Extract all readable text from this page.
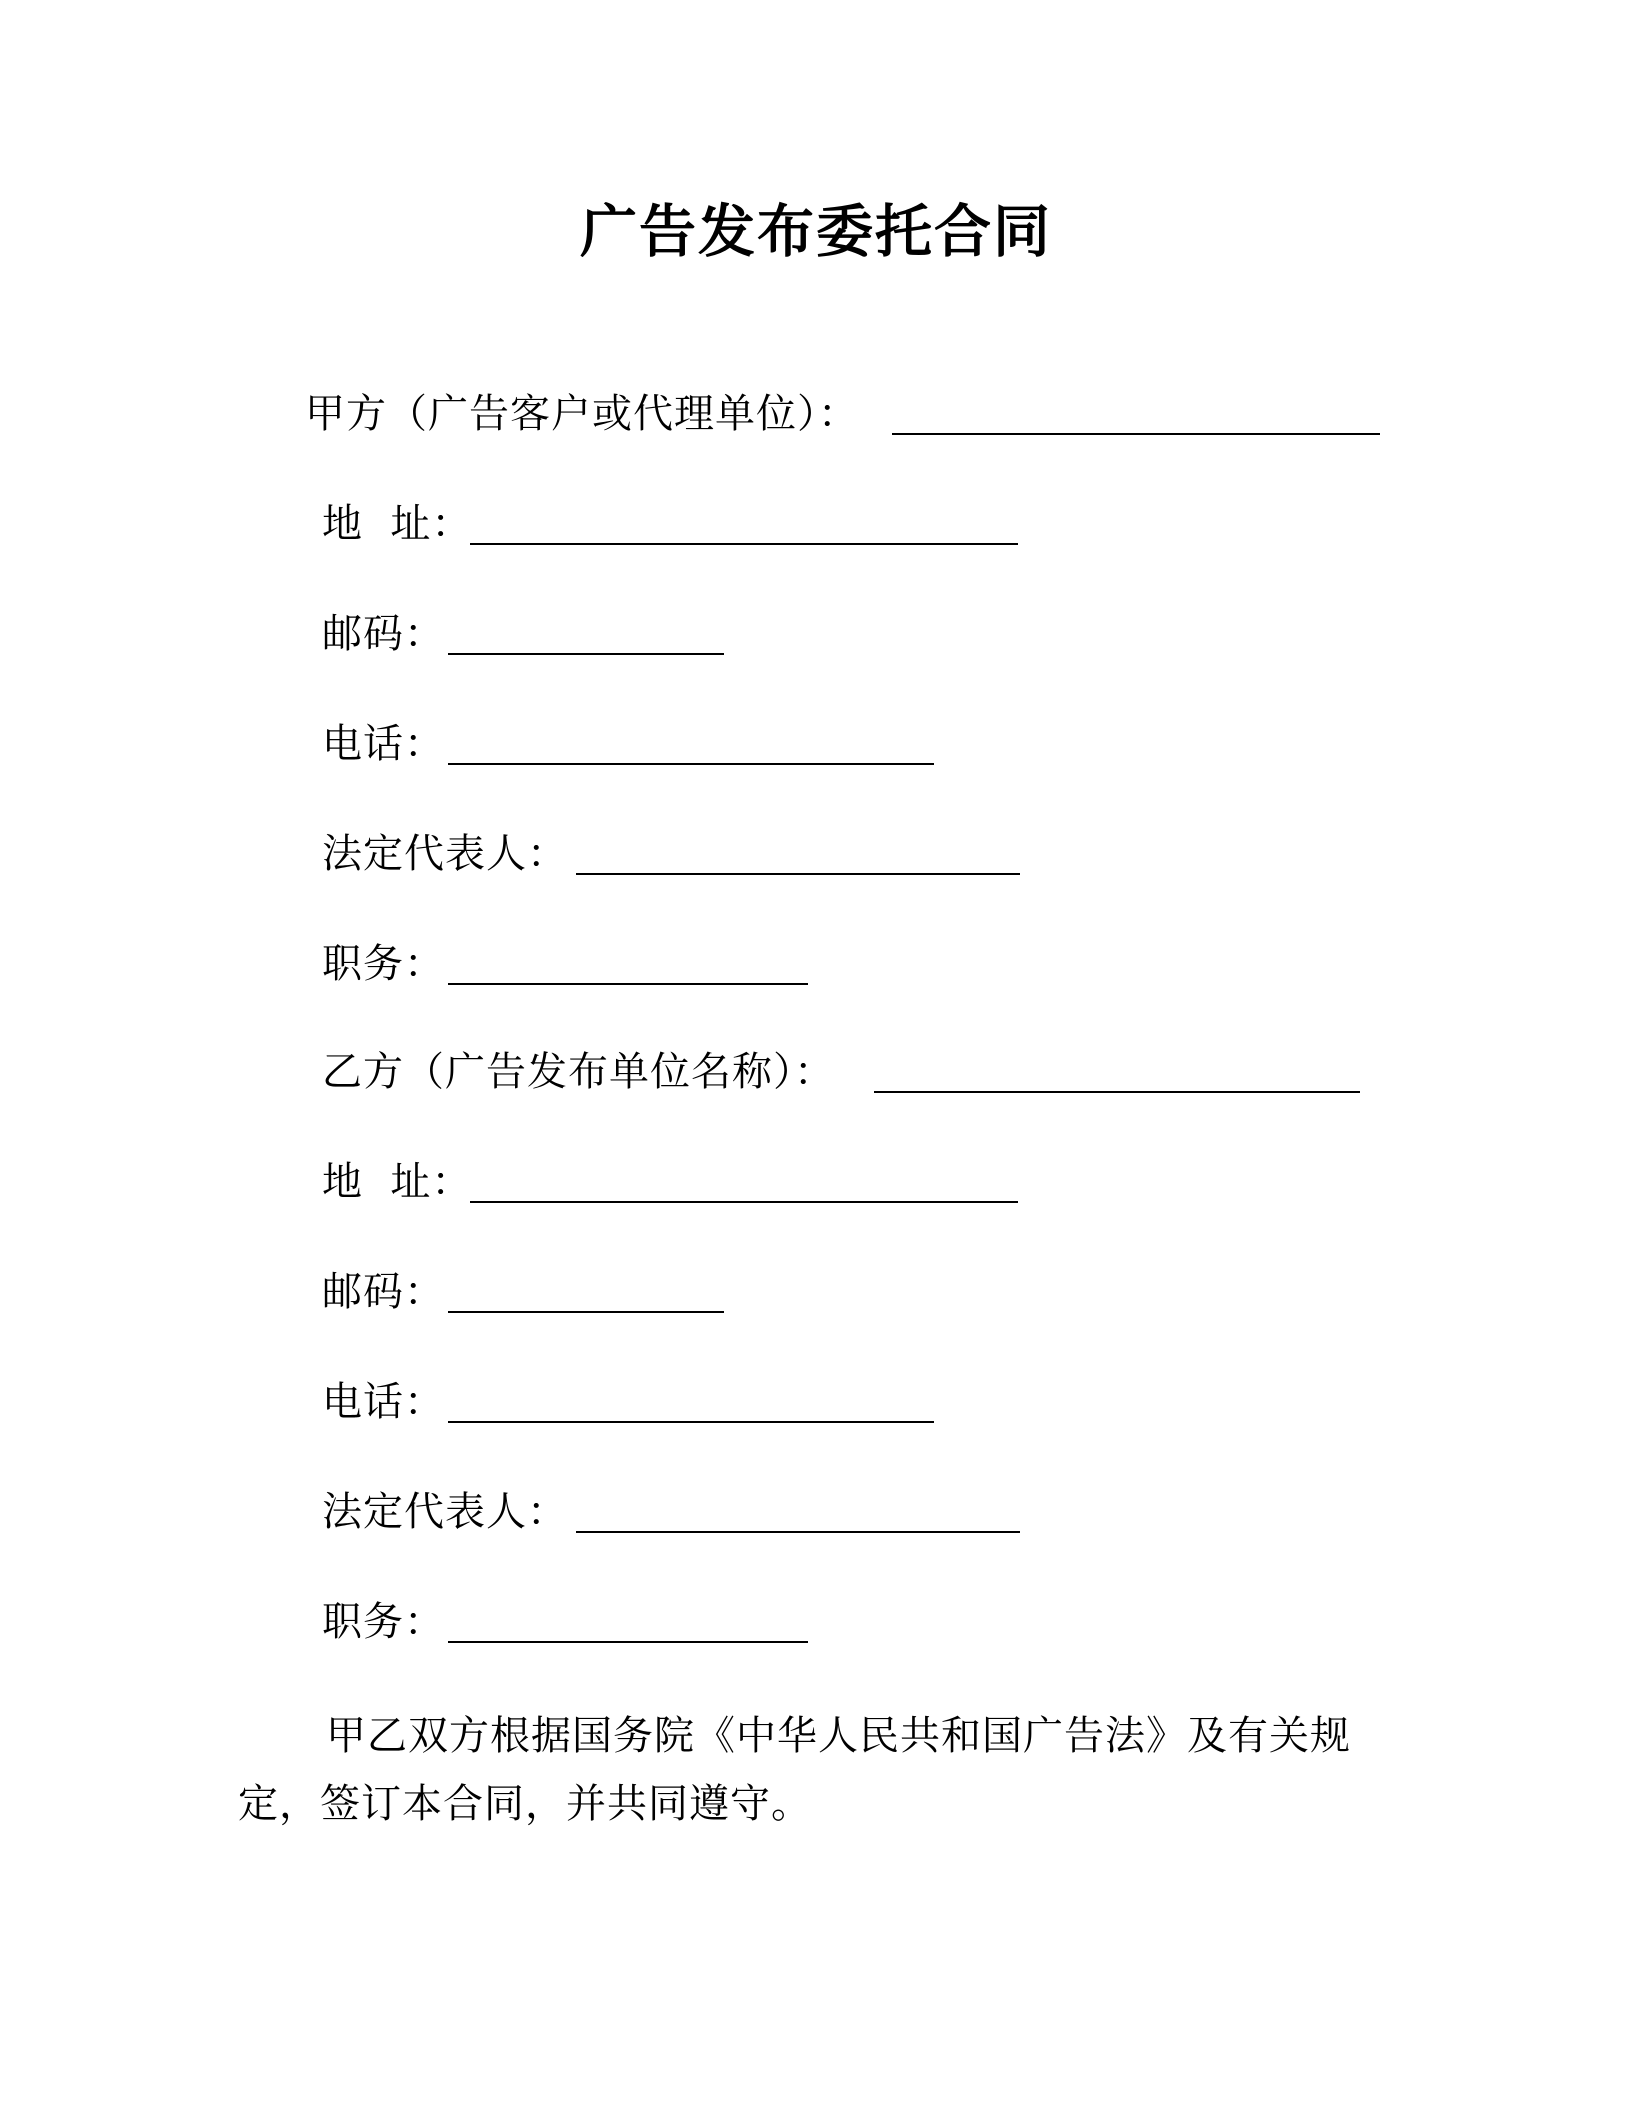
广告发布委托合同
甲方（广告客户或代理单位）：
地  址：
邮码：
电话：
法定代表人：
职务：
乙方（广告发布单位名称）：
地  址：
邮码：
电话：
法定代表人：
职务：

甲乙双方根据国务院《中华人民共和国广告法》及有关规定，签订本合同，并共同遵守。
